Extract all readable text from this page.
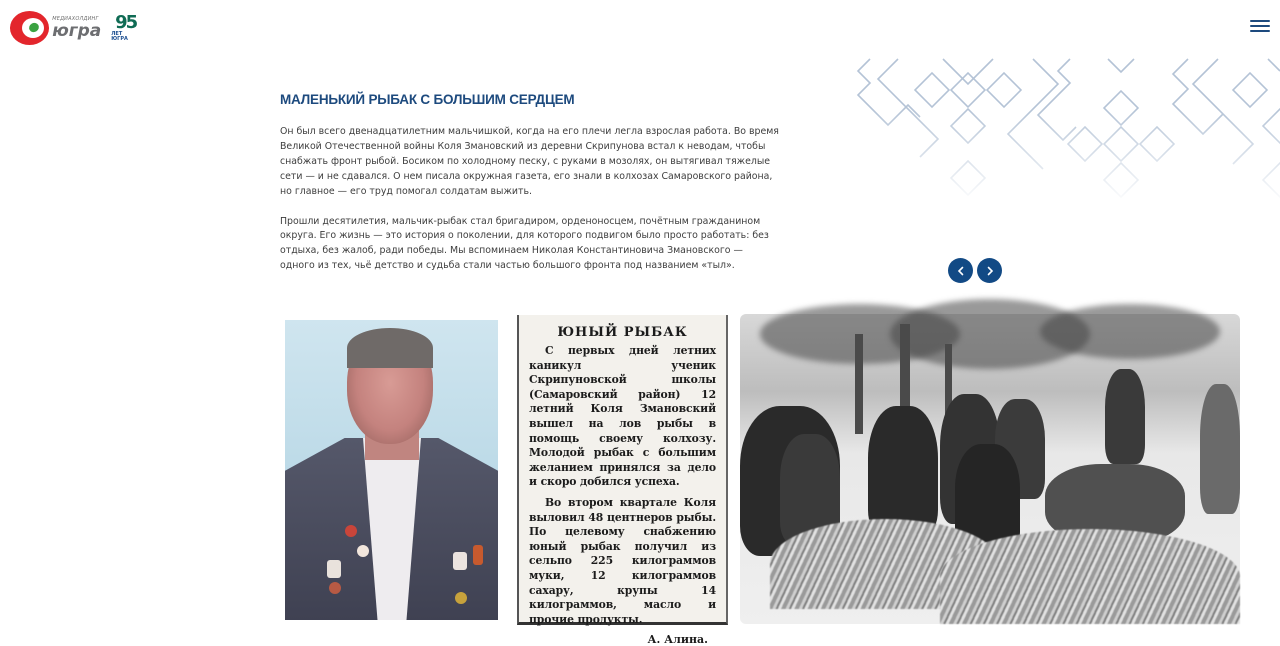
МЕДИАХОЛДИНГ
югра 95
ЛЕТ ЮГРА
МАЛЕНЬКИЙ РЫБАК С БОЛЬШИМ СЕРДЦЕМ

Он был всего двенадцатилетним мальчишкой, когда на его плечи легла взрослая работа. Во время Великой Отечественной войны Коля Змановский из деревни Скрипунова встал к неводам, чтобы снабжать фронт рыбой. Босиком по холодному песку, с руками в мозолях, он вытягивал тяжелые сети — и не сдавался. О нем писала окружная газета, его знали в колхозах Самаровского района, но главное — его труд помогал солдатам выжить.

Прошли десятилетия, мальчик-рыбак стал бригадиром, орденоносцем, почётным гражданином округа. Его жизнь — это история о поколении, для которого подвигом было просто работать: без отдыха, без жалоб, ради победы. Мы вспоминаем Николая Константиновича Змановского — одного из тех, чьё детство и судьба стали частью большого фронта под названием «тыл».

ЮНЫЙ РЫБАК

С первых дней летних каникул ученик Скрипуновской школы (Самаровский район) 12 летний Коля Змановский вышел на лов рыбы в помощь своему колхозу. Молодой рыбак с большим желанием принялся за дело и скоро добился успеха.

Во втором квартале Коля выловил 48 центнеров рыбы. По целевому снабжению юный рыбак получил из сельпо 225 килограммов муки, 12 килограммов сахару, крупы 14 килограммов, масло и прочие продукты.

А. Алина.
